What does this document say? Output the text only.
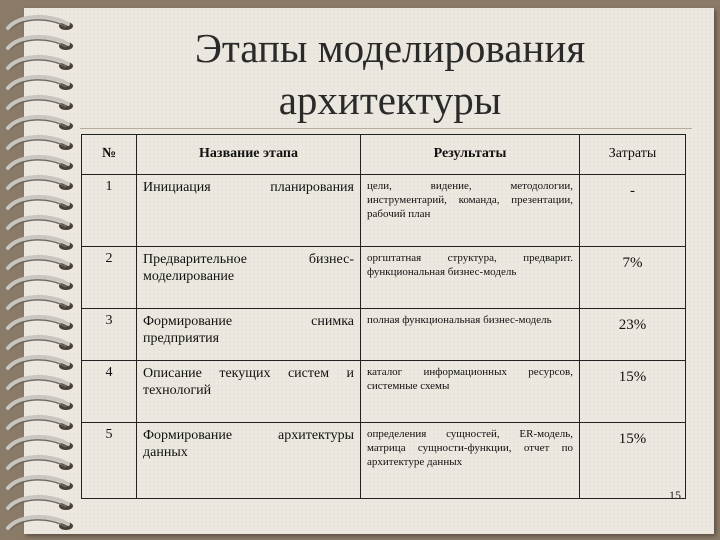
Этапы моделирования
архитектуры
№	Название этапа	Результаты	Затраты
1	Инициация планирования	цели, видение, методологии, инструментарий, команда, презентации, рабочий план	-
2	Предварительное бизнес-моделирование	оргштатная структура, предварит. функциональная бизнес-модель	7%
3	Формирование снимка предприятия	полная функциональная бизнес-модель	23%
4	Описание текущих систем и технологий	каталог информационных ресурсов, системные схемы	15%
5	Формирование архитектуры данных	определения сущностей, ER-модель, матрица сущности-функции, отчет по архитектуре данных	15%
15
